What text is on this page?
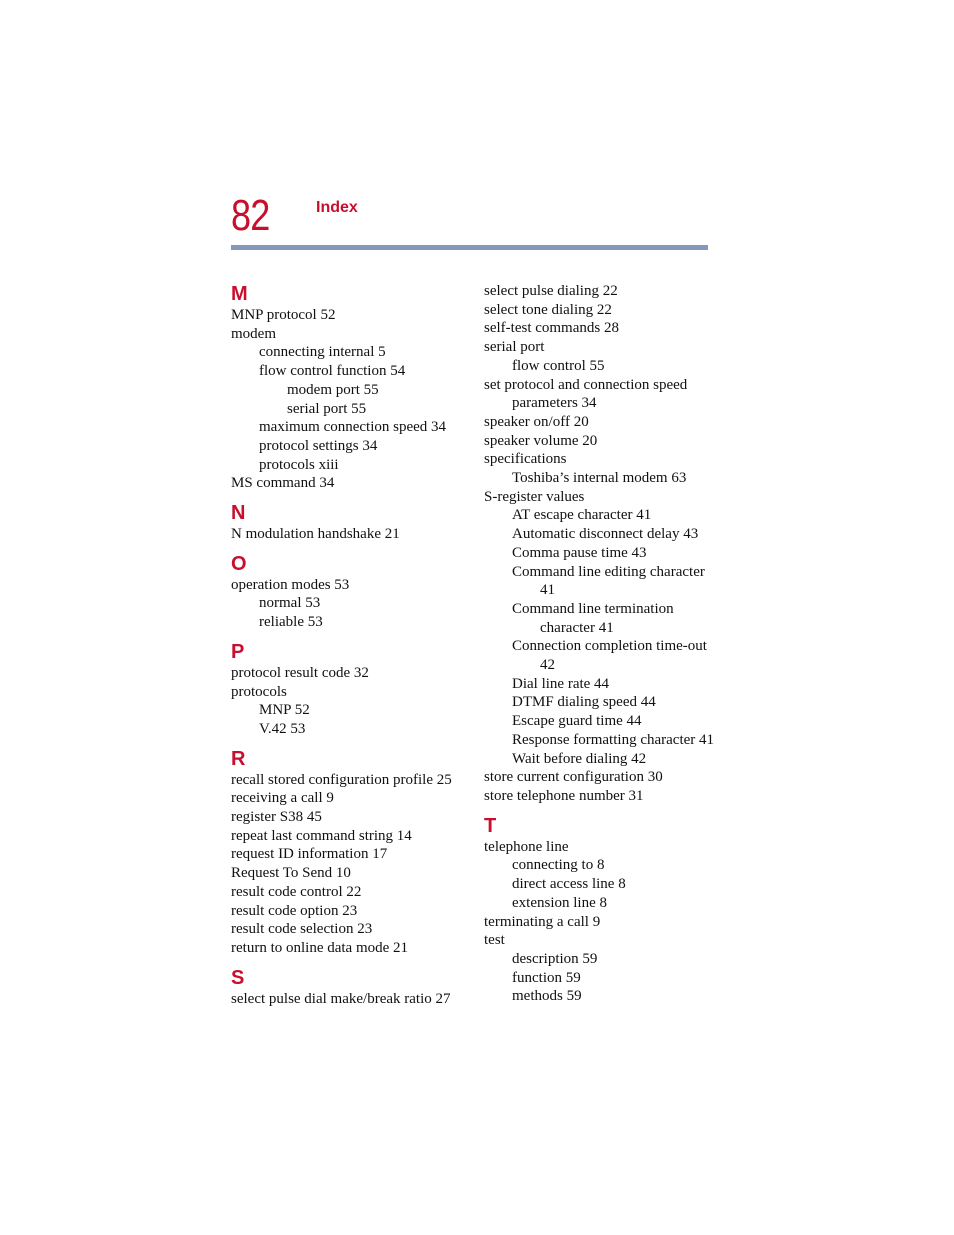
82	Index
M
MNP protocol 52
modem
connecting internal 5
flow control function 54
modem port 55
serial port 55
maximum connection speed 34
protocol settings 34
protocols xiii
MS command 34
N
N modulation handshake 21
O
operation modes 53
normal 53
reliable 53
P
protocol result code 32
protocols
MNP 52
V.42 53
R
recall stored configuration profile 25
receiving a call 9
register S38 45
repeat last command string 14
request ID information 17
Request To Send 10
result code control 22
result code option 23
result code selection 23
return to online data mode 21
S
select pulse dial make/break ratio 27
select pulse dialing 22
select tone dialing 22
self-test commands 28
serial port
flow control 55
set protocol and connection speed
parameters 34
speaker on/off 20
speaker volume 20
specifications
Toshiba’s internal modem 63
S-register values
AT escape character 41
Automatic disconnect delay 43
Comma pause time 43
Command line editing character
41
Command line termination
character 41
Connection completion time-out
42
Dial line rate 44
DTMF dialing speed 44
Escape guard time 44
Response formatting character 41
Wait before dialing 42
store current configuration 30
store telephone number 31
T
telephone line
connecting to 8
direct access line 8
extension line 8
terminating a call 9
test
description 59
function 59
methods 59
